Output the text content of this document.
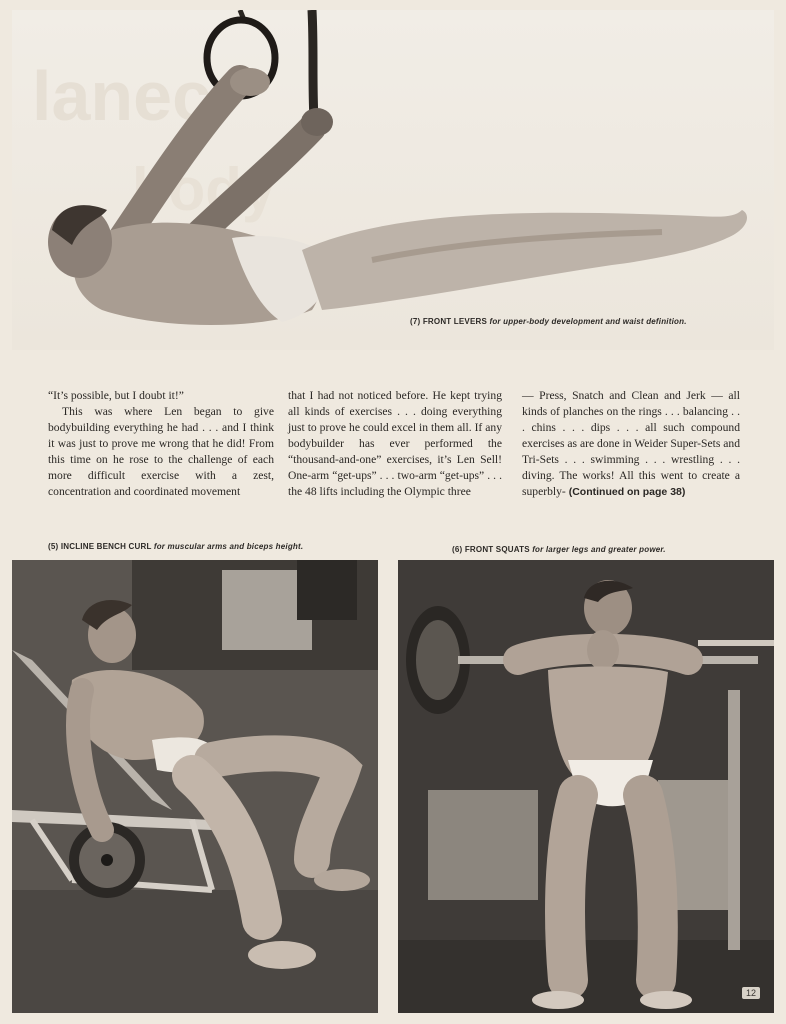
lanec
body
(7) FRONT LEVERS for upper-body development and waist definition.

“It’s possible, but I doubt it!”

This was where Len began to give bodybuilding everything he had . . . and I think it was just to prove me wrong that he did! From this time on he rose to the challenge of each more difficult exercise with a zest, concentration and coordinated movement

that I had not noticed before. He kept trying all kinds of exercises . . . doing everything just to prove he could excel in them all. If any bodybuilder has ever performed the “thousand-and-one” exercises, it’s Len Sell! One-arm “get-ups” . . . two-arm “get-ups” . . . the 48 lifts including the Olympic three

— Press, Snatch and Clean and Jerk — all kinds of planches on the rings . . . balancing . . . chins . . . dips . . . all such compound exercises as are done in Weider Super-Sets and Tri-Sets . . . swimming . . . wrestling . . . diving. The works! All this went to create a superbly- (Continued on page 38)

(5) INCLINE BENCH CURL for muscular arms and biceps height.	(6) FRONT SQUATS for larger legs and greater power.
12
